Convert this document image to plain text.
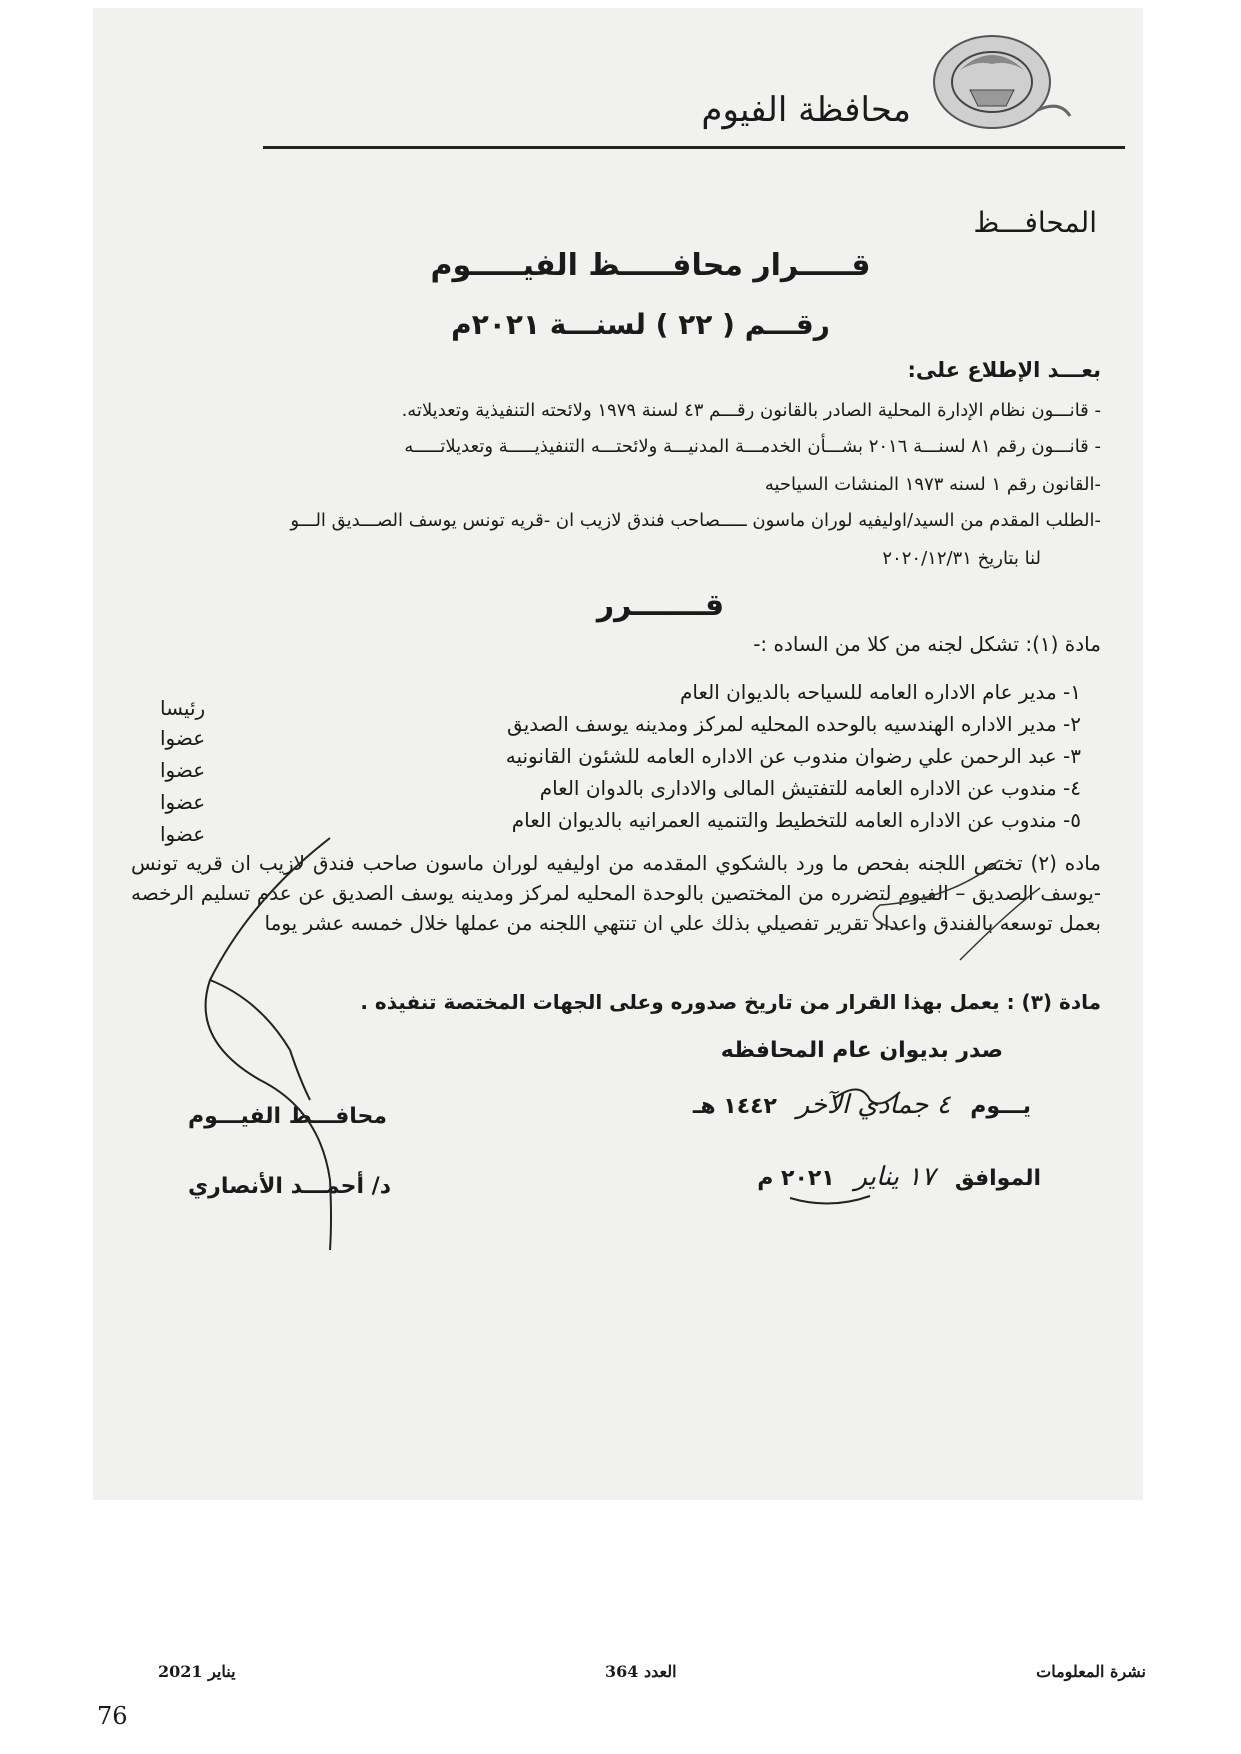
محافظة الفيوم
المحافـــظ
قـــــرار محافـــــظ الفيـــــوم
رقـــم ( ٢٢ ) لسنـــة ٢٠٢١م
بعـــد الإطلاع على:
- قانـــون نظام الإدارة المحلية الصادر بالقانون رقـــم ٤٣ لسنة ١٩٧٩ ولائحته التنفيذية وتعديلاته.
- قانـــون رقم ٨١ لسنـــة ٢٠١٦ بشـــأن الخدمـــة المدنيـــة ولائحتـــه التنفيذيـــــة وتعديلاتـــــه
-القانون رقم ١ لسنه ١٩٧٣ المنشات السياحيه
-الطلب المقدم من السيد/اوليفيه لوران ماسون ـــــصاحب فندق لازيب ان -قريه تونس يوسف الصـــديق الـــو
لنا بتاريخ ٢٠٢٠/١٢/٣١
قـــــــرر
مادة (١): تشكل لجنه من كلا من الساده :-
١- مدير عام الاداره العامه للسياحه بالديوان العام
رئيسا
٢- مدير الاداره الهندسيه بالوحده المحليه لمركز ومدينه يوسف الصديق
عضوا
٣- عبد الرحمن علي رضوان مندوب عن الاداره العامه للشئون القانونيه
عضوا
٤- مندوب عن الاداره العامه للتفتيش المالى والادارى بالدوان العام
عضوا
٥- مندوب عن الاداره العامه للتخطيط والتنميه العمرانيه بالديوان العام
عضوا
ماده (٢) تختص اللجنه بفحص ما ورد بالشكوي المقدمه من اوليفيه لوران ماسون صاحب فندق لازيب ان قريه تونس -يوسف الصديق – الفيوم لتضرره من المختصين بالوحدة المحليه لمركز ومدينه يوسف الصديق عن عدم تسليم الرخصه بعمل توسعه بالفندق واعداد تقرير تفصيلي بذلك علي ان تنتهي اللجنه من عملها خلال خمسه عشر يوما
مادة (٣) : يعمل بهذا القرار من تاريخ صدوره وعلى الجهات المختصة تنفيذه .
صدر بديوان عام المحافظه
يـــوم ٤ جمادي الآخر ١٤٤٢ هـ
الموافق ١٧ يناير ٢٠٢١ م
محافـــظ الفيـــوم
د/ أحمـــد الأنصاري
نشرة المعلومات
العدد 364
يناير 2021
76
